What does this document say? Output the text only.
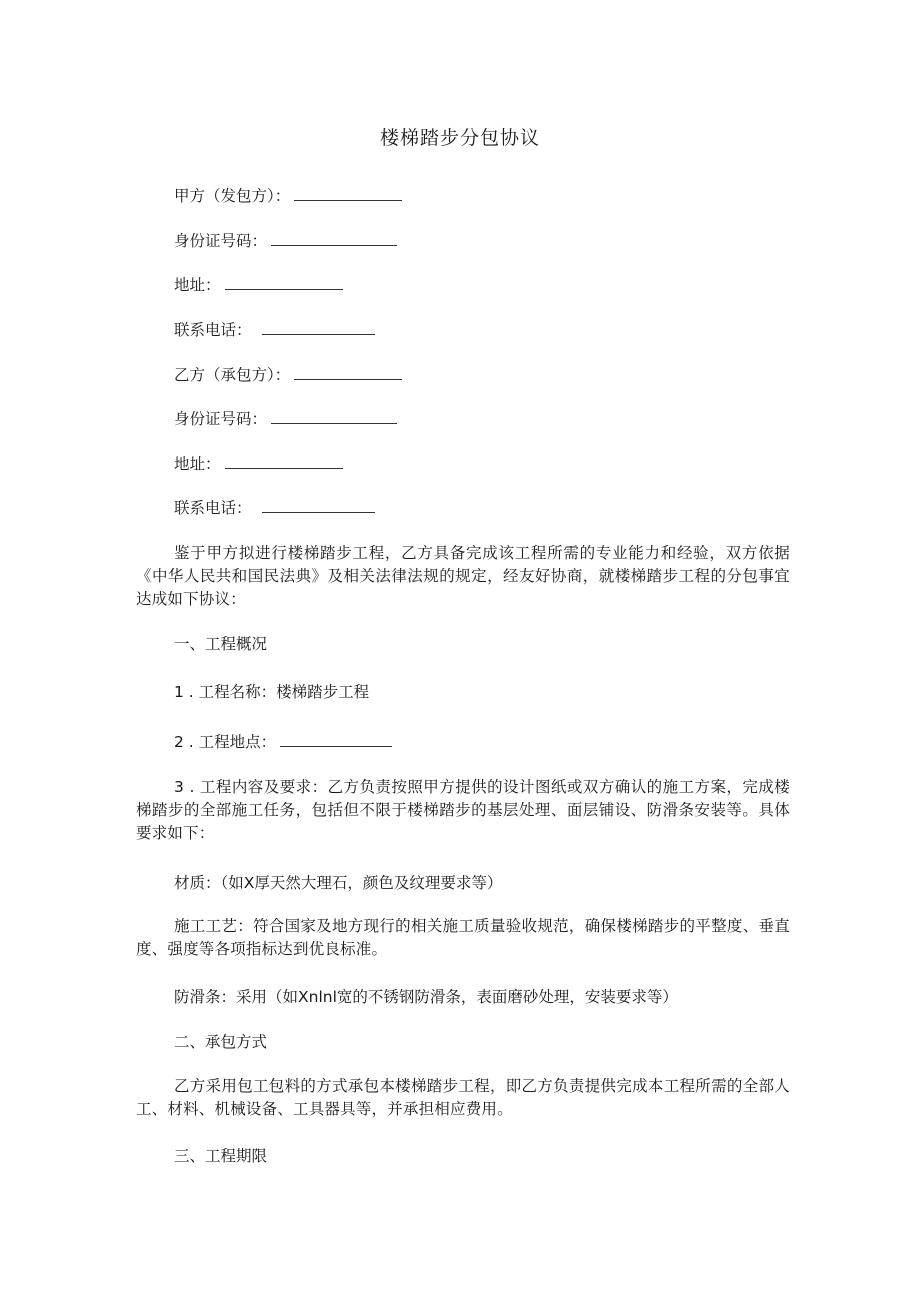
楼梯踏步分包协议
甲方（发包方）：
身份证号码：
地址：
联系电话：
乙方（承包方）：
身份证号码：
地址：
联系电话：
鉴于甲方拟进行楼梯踏步工程，乙方具备完成该工程所需的专业能力和经验，双方依据《中华人民共和国民法典》及相关法律法规的规定，经友好协商，就楼梯踏步工程的分包事宜达成如下协议：
一、工程概况
1 . 工程名称：楼梯踏步工程
2 . 工程地点：
3 . 工程内容及要求：乙方负责按照甲方提供的设计图纸或双方确认的施工方案，完成楼梯踏步的全部施工任务，包括但不限于楼梯踏步的基层处理、面层铺设、防滑条安装等。具体要求如下：
材质：（如X厚天然大理石，颜色及纹理要求等）
施工工艺：符合国家及地方现行的相关施工质量验收规范，确保楼梯踏步的平整度、垂直度、强度等各项指标达到优良标准。
防滑条：采用（如Xnlnl宽的不锈钢防滑条，表面磨砂处理，安装要求等）
二、承包方式
乙方采用包工包料的方式承包本楼梯踏步工程，即乙方负责提供完成本工程所需的全部人工、材料、机械设备、工具器具等，并承担相应费用。
三、工程期限
